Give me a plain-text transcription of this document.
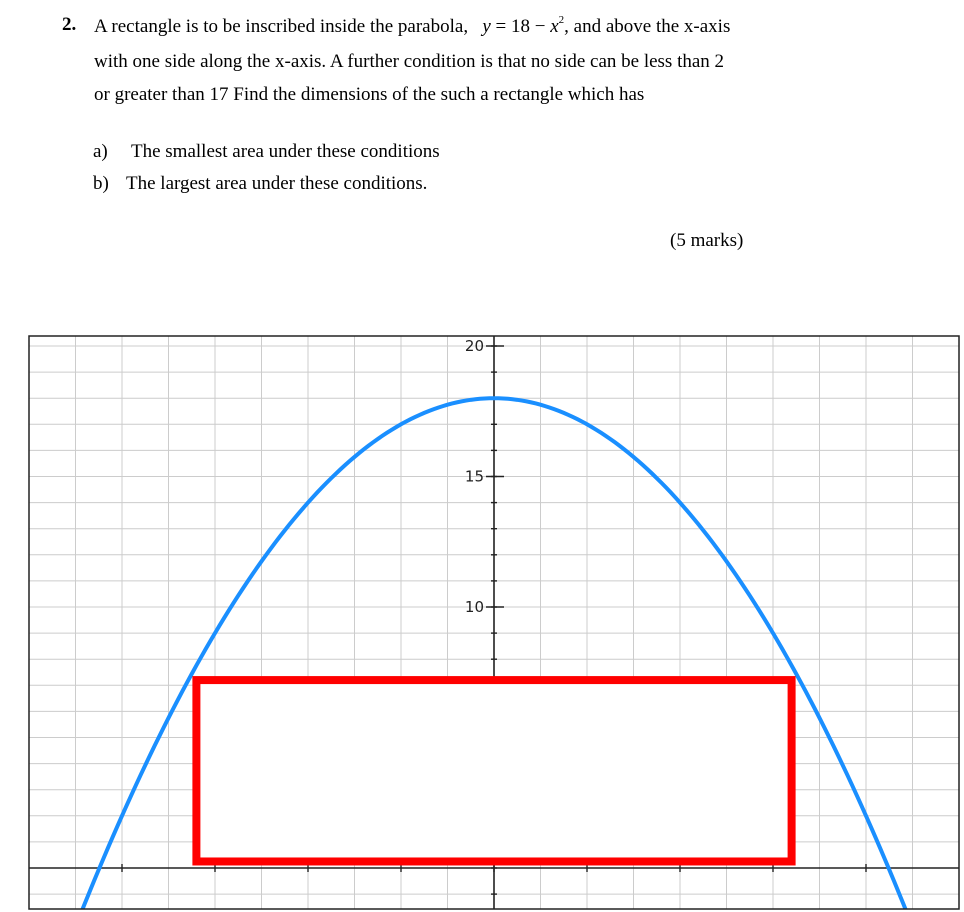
2. A rectangle is to be inscribed inside the parabola, $y = 18 - x^2$, and above the x-axis
with one side along the x-axis. A further condition is that no side can be less than 2
or greater than 17 Find the dimensions of the such a rectangle which has
a) The smallest area under these conditions
b) The largest area under these conditions.
(5 marks)
20
15
10
